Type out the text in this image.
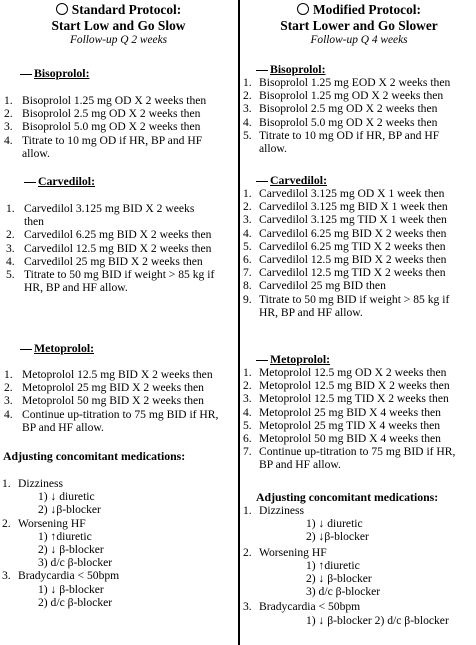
Standard Protocol:
Start Low and Go Slow
Follow-up Q 2 weeks
Bisoprolol:
1. Bisoprolol 1.25 mg OD X 2 weeks then
2. Bisoprolol 2.5 mg OD X 2 weeks then
3. Bisoprolol 5.0 mg OD X 2 weeks then
4. Titrate to 10 mg OD if HR, BP and HF allow.
Carvedilol:
1. Carvedilol 3.125 mg BID X 2 weeks then
2. Carvedilol 6.25 mg BID X 2 weeks then
3. Carvedilol 12.5 mg BID X 2 weeks then
4. Carvedilol 25 mg BID X 2 weeks then
5. Titrate to 50 mg BID if weight > 85 kg if HR, BP and HF allow.
Metoprolol:
1. Metoprolol 12.5 mg BID X 2 weeks then
2. Metoprolol 25 mg BID X 2 weeks then
3. Metoprolol 50 mg BID X 2 weeks then
4. Continue up-titration to 75 mg BID if HR, BP and HF allow.
Adjusting concomitant medications:
1. Dizziness
1) ↓ diuretic
2) ↓β-blocker
2. Worsening HF
1) ↑diuretic
2) ↓ β-blocker
3) d/c β-blocker
3. Bradycardia < 50bpm
1) ↓ β-blocker
2) d/c β-blocker
Modified Protocol:
Start Lower and Go Slower
Follow-up Q 4 weeks
Bisoprolol:
1. Bisoprolol 1.25 mg EOD X 2 weeks then
2. Bisoprolol 1.25 mg OD X 2 weeks then
3. Bisoprolol 2.5 mg OD X 2 weeks then
4. Bisoprolol 5.0 mg OD X 2 weeks then
5. Titrate to 10 mg OD if HR, BP and HF allow.
Carvedilol:
1. Carvedilol 3.125 mg OD X 1 week then
2. Carvedilol 3.125 mg BID X 1 week then
3. Carvedilol 3.125 mg TID X 1 week then
4. Carvedilol 6.25 mg BID X 2 weeks then
5. Carvedilol 6.25 mg TID X 2 weeks then
6. Carvedilol 12.5 mg BID X 2 weeks then
7. Carvedilol 12.5 mg TID X 2 weeks then
8. Carvedilol 25 mg BID then
9. Titrate to 50 mg BID if weight > 85 kg if HR, BP and HF allow.
Metoprolol:
1. Metoprolol 12.5 mg OD X 2 weeks then
2. Metoprolol 12.5 mg BID X 2 weeks then
3. Metoprolol 12.5 mg TID X 2 weeks then
4. Metoprolol 25 mg BID X 4 weeks then
5. Metoprolol 25 mg TID X 4 weeks then
6. Metoprolol 50 mg BID X 4 weeks then
7. Continue up-titration to 75 mg BID if HR, BP and HF allow.
Adjusting concomitant medications:
1. Dizziness
1) ↓ diuretic
2) ↓β-blocker
2. Worsening HF
1) ↑diuretic
2) ↓ β-blocker
3) d/c β-blocker
3. Bradycardia < 50bpm
1) ↓ β-blocker 2) d/c β-blocker
